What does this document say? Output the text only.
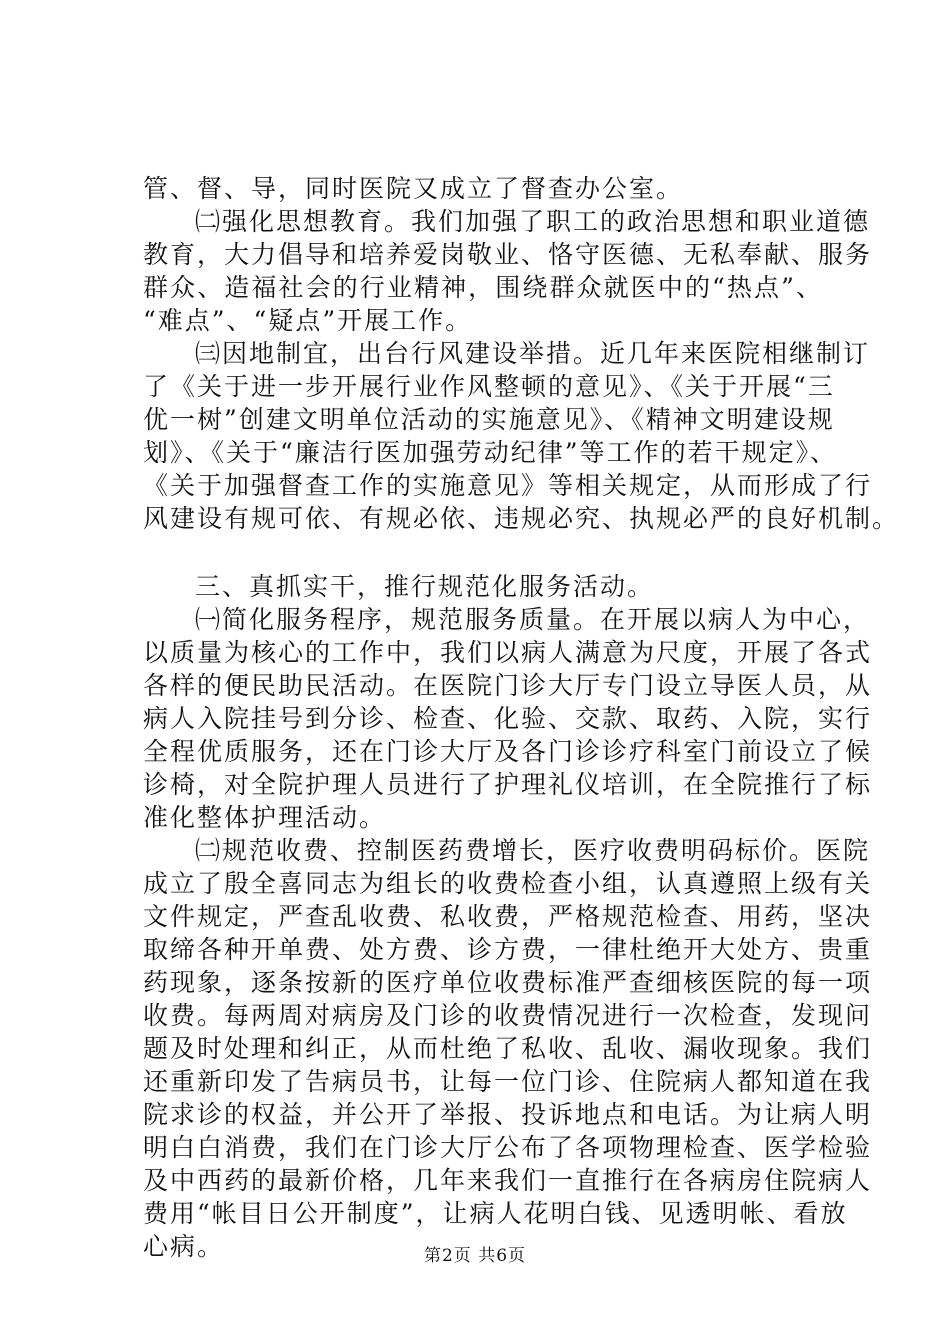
管、督、导，同时医院又成立了督查办公室。
㈡强化思想教育。我们加强了职工的政治思想和职业道德
教育，大力倡导和培养爱岗敬业、恪守医德、无私奉献、服务
群众、造福社会的行业精神，围绕群众就医中的“热点”、
“难点”、“疑点”开展工作。
㈢因地制宜，出台行风建设举措。近几年来医院相继制订
了《关于进一步开展行业作风整顿的意见》、《关于开展“三
优一树”创建文明单位活动的实施意见》、《精神文明建设规
划》、《关于“廉洁行医加强劳动纪律”等工作的若干规定》、
《关于加强督查工作的实施意见》等相关规定，从而形成了行
风建设有规可依、有规必依、违规必究、执规必严的良好机制。
三、真抓实干，推行规范化服务活动。
㈠简化服务程序，规范服务质量。在开展以病人为中心，
以质量为核心的工作中，我们以病人满意为尺度，开展了各式
各样的便民助民活动。在医院门诊大厅专门设立导医人员，从
病人入院挂号到分诊、检查、化验、交款、取药、入院，实行
全程优质服务，还在门诊大厅及各门诊诊疗科室门前设立了候
诊椅，对全院护理人员进行了护理礼仪培训，在全院推行了标
准化整体护理活动。
㈡规范收费、控制医药费增长，医疗收费明码标价。医院
成立了殷全喜同志为组长的收费检查小组，认真遵照上级有关
文件规定，严查乱收费、私收费，严格规范检查、用药，坚决
取缔各种开单费、处方费、诊方费，一律杜绝开大处方、贵重
药现象，逐条按新的医疗单位收费标准严查细核医院的每一项
收费。每两周对病房及门诊的收费情况进行一次检查，发现问
题及时处理和纠正，从而杜绝了私收、乱收、漏收现象。我们
还重新印发了告病员书，让每一位门诊、住院病人都知道在我
院求诊的权益，并公开了举报、投诉地点和电话。为让病人明
明白白消费，我们在门诊大厅公布了各项物理检查、医学检验
及中西药的最新价格，几年来我们一直推行在各病房住院病人
费用“帐目日公开制度”，让病人花明白钱、见透明帐、看放
心病。	第2页 共6页
